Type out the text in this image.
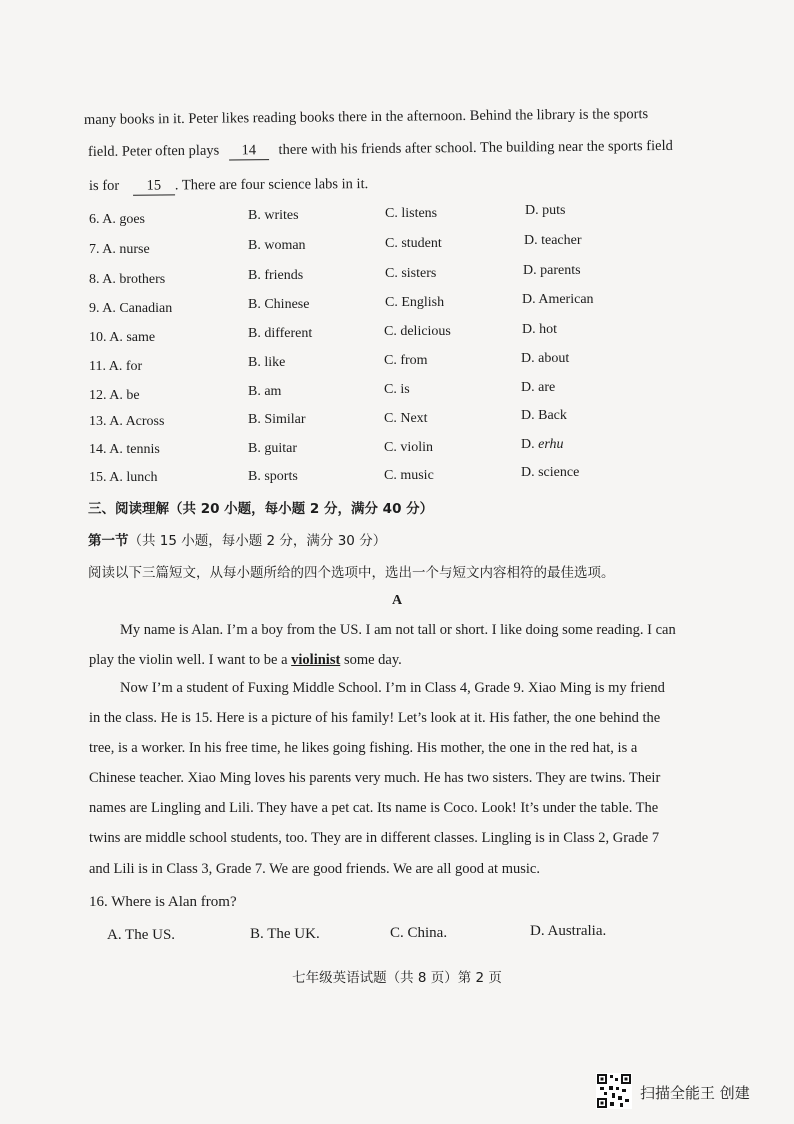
many books in it. Peter likes reading books there in the afternoon. Behind the library is the sports
field. Peter often plays 14 there with his friends after school. The building near the sports field
is for 15 . There are four science labs in it.
6. A. goes	B. writes	C. listens	D. puts
7. A. nurse	B. woman	C. student	D. teacher
8. A. brothers	B. friends	C. sisters	D. parents
9. A. Canadian	B. Chinese	C. English	D. American
10. A. same	B. different	C. delicious	D. hot
11. A. for	B. like	C. from	D. about
12. A. be	B. am	C. is	D. are
13. A. Across	B. Similar	C. Next	D. Back
14. A. tennis	B. guitar	C. violin	D. erhu
15. A. lunch	B. sports	C. music	D. science
三、阅读理解（共 20 小题，每小题 2 分，满分 40 分）
第一节（共 15 小题，每小题 2 分，满分 30 分）
阅读以下三篇短文，从每小题所给的四个选项中，选出一个与短文内容相符的最佳选项。
A
My name is Alan. I’m a boy from the US. I am not tall or short. I like doing some reading. I can
play the violin well. I want to be a violinist some day.
Now I’m a student of Fuxing Middle School. I’m in Class 4, Grade 9. Xiao Ming is my friend
in the class. He is 15. Here is a picture of his family! Let’s look at it. His father, the one behind the
tree, is a worker. In his free time, he likes going fishing. His mother, the one in the red hat, is a
Chinese teacher. Xiao Ming loves his parents very much. He has two sisters. They are twins. Their
names are Lingling and Lili. They have a pet cat. Its name is Coco. Look! It’s under the table. The
twins are middle school students, too. They are in different classes. Lingling is in Class 2, Grade 7
and Lili is in Class 3, Grade 7. We are good friends. We are all good at music.
16. Where is Alan from?
A. The US.	B. The UK.	C. China.	D. Australia.
七年级英语试题（共 8 页）第 2 页
扫描全能王 创建
